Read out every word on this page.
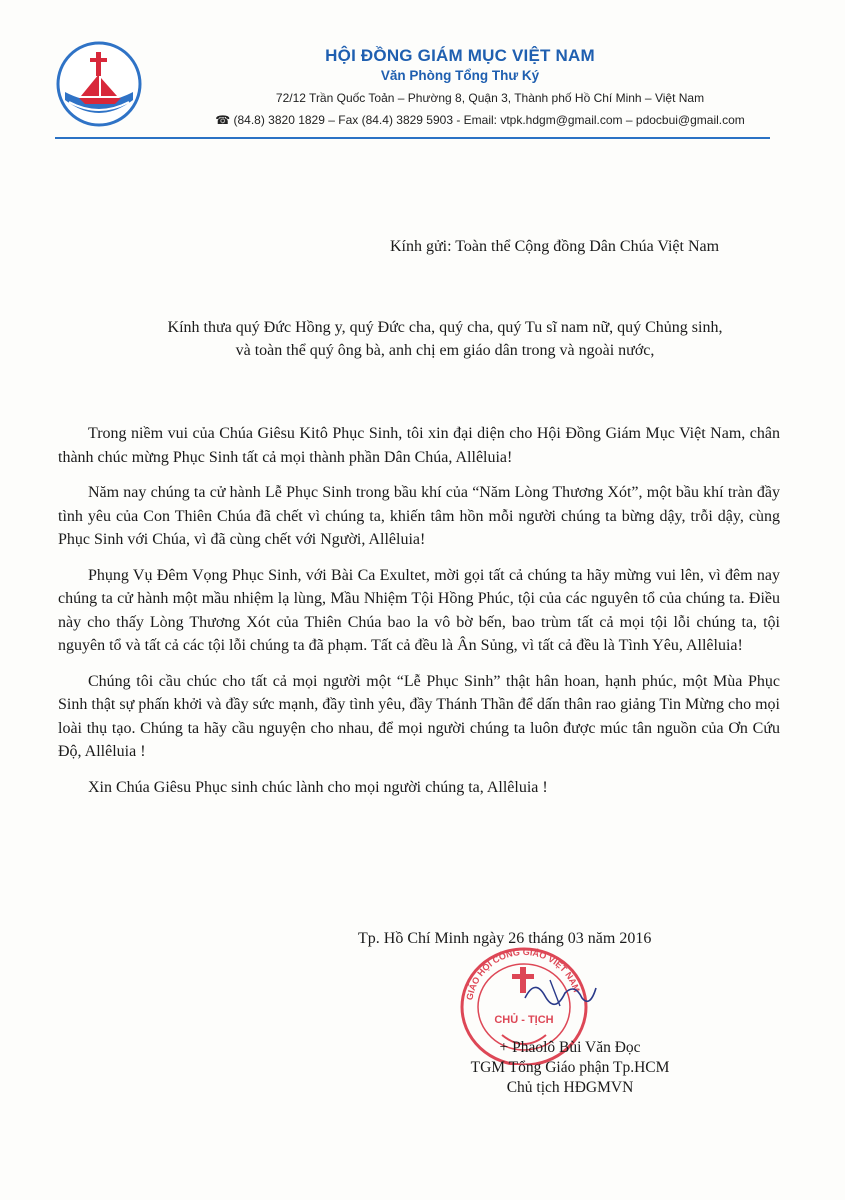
HỘI ĐỒNG GIÁM MỤC VIỆT NAM
Văn Phòng Tổng Thư Ký
72/12 Trần Quốc Toản – Phường 8, Quận 3, Thành phố Hồ Chí Minh – Việt Nam
☎ (84.8) 3820 1829 – Fax (84.4) 3829 5903 - Email: vtpk.hdgm@gmail.com – pdocbui@gmail.com
Kính gửi: Toàn thể Cộng đồng Dân Chúa Việt Nam
Kính thưa quý Đức Hồng y, quý Đức cha, quý cha, quý Tu sĩ nam nữ, quý Chủng sinh,
và toàn thể quý ông bà, anh chị em giáo dân trong và ngoài nước,

Trong niềm vui của Chúa Giêsu Kitô Phục Sinh, tôi xin đại diện cho Hội Đồng Giám Mục Việt Nam, chân thành chúc mừng Phục Sinh tất cả mọi thành phần Dân Chúa, Allêluia!

Năm nay chúng ta cử hành Lễ Phục Sinh trong bầu khí của “Năm Lòng Thương Xót”, một bầu khí tràn đầy tình yêu của Con Thiên Chúa đã chết vì chúng ta, khiến tâm hồn mỗi người chúng ta bừng dậy, trỗi dậy, cùng Phục Sinh với Chúa, vì đã cùng chết với Người, Allêluia!

Phụng Vụ Đêm Vọng Phục Sinh, với Bài Ca Exultet, mời gọi tất cả chúng ta hãy mừng vui lên, vì đêm nay chúng ta cử hành một mầu nhiệm lạ lùng, Mầu Nhiệm Tội Hồng Phúc, tội của các nguyên tổ của chúng ta. Điều này cho thấy Lòng Thương Xót của Thiên Chúa bao la vô bờ bến, bao trùm tất cả mọi tội lỗi chúng ta, tội nguyên tổ và tất cả các tội lỗi chúng ta đã phạm. Tất cả đều là Ân Sủng, vì tất cả đều là Tình Yêu, Allêluia!

Chúng tôi cầu chúc cho tất cả mọi người một “Lễ Phục Sinh” thật hân hoan, hạnh phúc, một Mùa Phục Sinh thật sự phấn khởi và đầy sức mạnh, đầy tình yêu, đầy Thánh Thần để dấn thân rao giảng Tin Mừng cho mọi loài thụ tạo. Chúng ta hãy cầu nguyện cho nhau, để mọi người chúng ta luôn được múc tân nguồn của Ơn Cứu Độ, Allêluia !

Xin Chúa Giêsu Phục sinh chúc lành cho mọi người chúng ta, Allêluia !

Tp. Hồ Chí Minh ngày 26 tháng 03 năm 2016
GIÁO HỘI CÔNG GIÁO VIỆT NAM
CHỦ - TỊCH
+ Phaolô Bùi Văn Đọc
TGM Tổng Giáo phận Tp.HCM
Chủ tịch HĐGMVN
